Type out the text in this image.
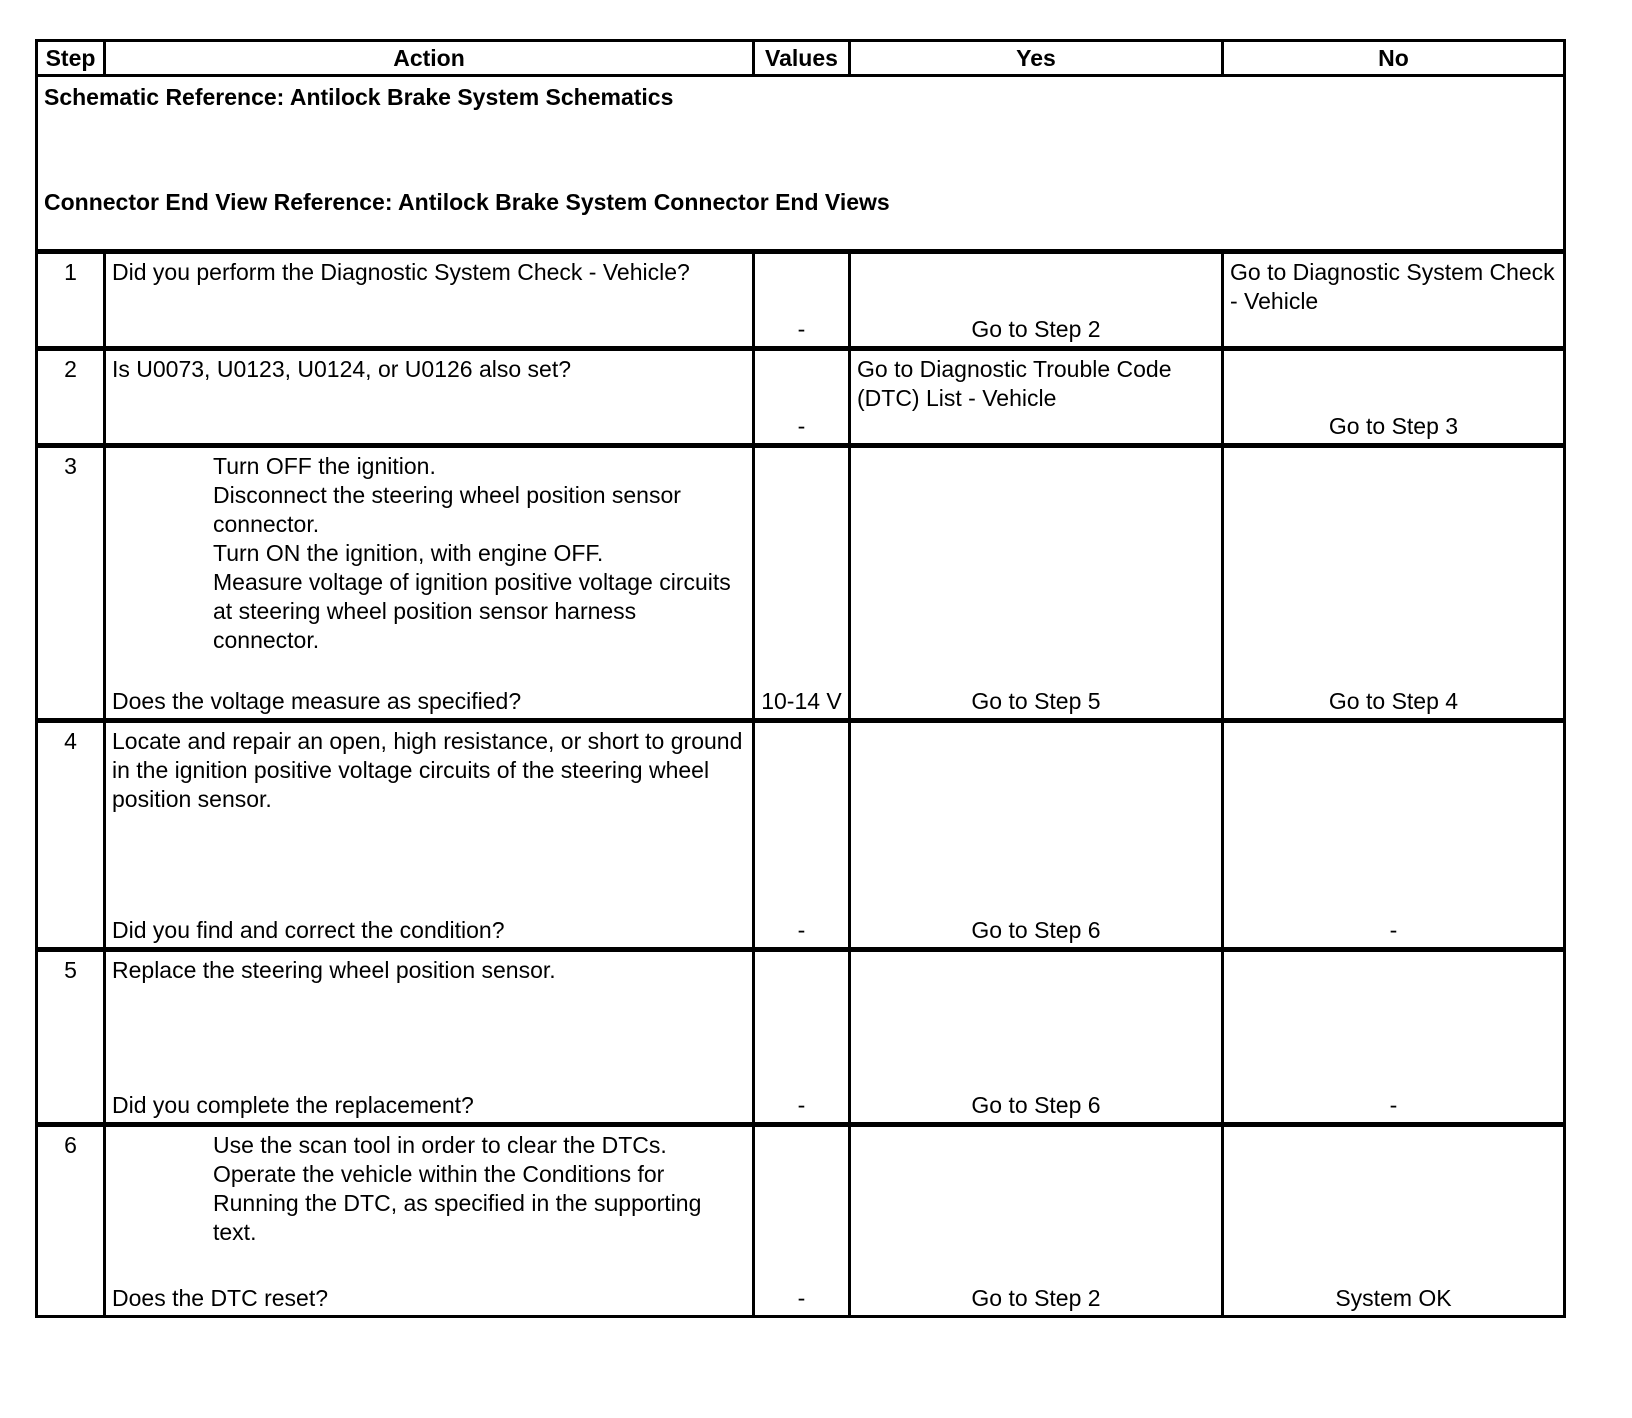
Step	Action	Values	Yes	No

Schematic Reference: Antilock Brake System Schematics
Connector End View Reference: Antilock Brake System Connector End Views				

1	Did you perform the Diagnostic System Check - Vehicle?	-	Go to Step 2	Go to Diagnostic System Check - Vehicle

2	Is U0073, U0123, U0124, or U0126 also set?	-	Go to Diagnostic Trouble Code (DTC) List - Vehicle	Go to Step 3

3	Turn OFF the ignition.
Disconnect the steering wheel position sensor connector.
Turn ON the ignition, with engine OFF.
Measure voltage of ignition positive voltage circuits at steering wheel position sensor harness connector.
Does the voltage measure as specified?	10-14 V	Go to Step 5	Go to Step 4

4	Locate and repair an open, high resistance, or short to ground in the ignition positive voltage circuits of the steering wheel position sensor.
Did you find and correct the condition?	-	Go to Step 6	-

5	Replace the steering wheel position sensor.
Did you complete the replacement?	-	Go to Step 6	-

6	Use the scan tool in order to clear the DTCs.
Operate the vehicle within the Conditions for Running the DTC, as specified in the supporting text.
Does the DTC reset?	-	Go to Step 2	System OK
